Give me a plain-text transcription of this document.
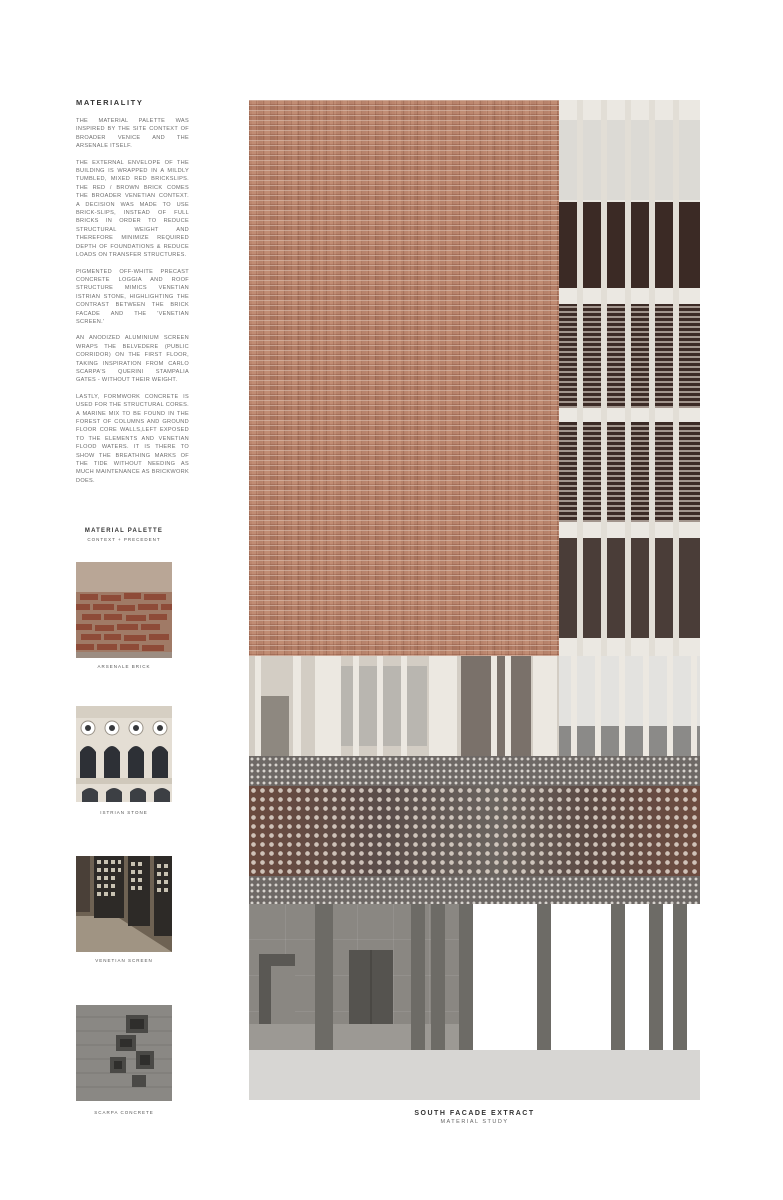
MATERIALITY

THE MATERIAL PALETTE WAS INSPIRED BY THE SITE CONTEXT OF BROADER VENICE AND THE ARSENALE ITSELF.

THE EXTERNAL ENVELOPE OF THE BUILDING IS WRAPPED IN A MILDLY TUMBLED, MIXED RED BRICKSLIPS. THE RED / BROWN BRICK COMES THE BROADER VENETIAN CONTEXT. A DECISION WAS MADE TO USE BRICK-SLIPS, INSTEAD OF FULL BRICKS IN ORDER TO REDUCE STRUCTURAL WEIGHT AND THEREFORE MINIMIZE REQUIRED DEPTH OF FOUNDATIONS & REDUCE LOADS ON TRANSFER STRUCTURES.

PIGMENTED OFF-WHITE PRECAST CONCRETE LOGGIA AND ROOF STRUCTURE MIMICS VENETIAN ISTRIAN STONE, HIGHLIGHTING THE CONTRAST BETWEEN THE BRICK FACADE AND THE 'VENETIAN SCREEN.'

AN ANODIZED ALUMINIUM SCREEN WRAPS THE BELVEDERE (PUBLIC CORRIDOR) ON THE FIRST FLOOR, TAKING INSPIRATION FROM CARLO SCARPA'S QUERINI STAMPALIA GATES - WITHOUT THEIR WEIGHT.

LASTLY, FORMWORK CONCRETE IS USED FOR THE STRUCTURAL CORES. A MARINE MIX TO BE FOUND IN THE FOREST OF COLUMNS AND GROUND FLOOR CORE WALLS,LEFT EXPOSED TO THE ELEMENTS AND VENETIAN FLOOD WATERS. IT IS THERE TO SHOW THE BREATHING MARKS OF THE TIDE WITHOUT NEEDING AS MUCH MAINTENANCE AS BRICKWORK DOES.

MATERIAL PALETTE
CONTEXT + PRECEDENT
ARSENALE BRICK
ISTRIAN STONE
VENETIAN SCREEN
SCARPA CONCRETE	SOUTH FACADE EXTRACT
MATERIAL STUDY
